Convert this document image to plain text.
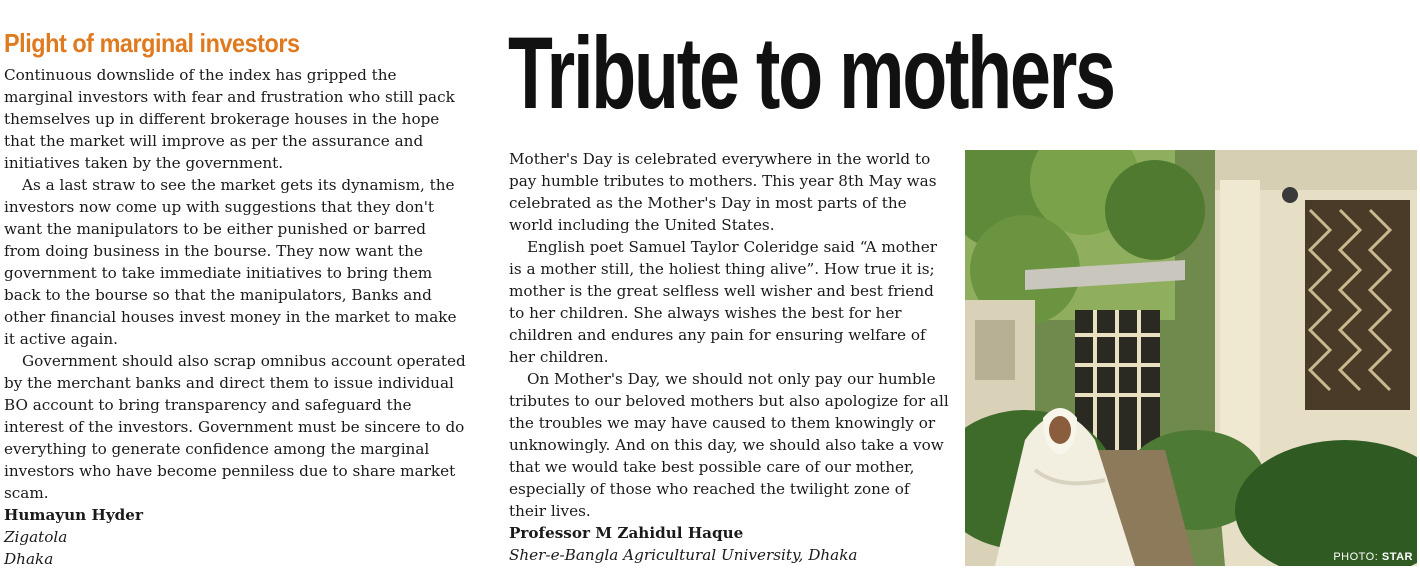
Plight of marginal investors

Continuous downslide of the index has gripped the marginal investors with fear and frustration who still pack themselves up in different brokerage houses in the hope that the market will improve as per the assurance and initiatives taken by the government.

As a last straw to see the market gets its dynamism, the investors now come up with suggestions that they don't want the manipulators to be either punished or barred from doing business in the bourse. They now want the government to take immediate initiatives to bring them back to the bourse so that the manipulators, Banks and other financial houses invest money in the market to make it active again.

Government should also scrap omnibus account operated by the merchant banks and direct them to issue individual BO account to bring transparency and safeguard the interest of the investors. Government must be sincere to do everything to generate confidence among the marginal investors who have become penniless due to share market scam.

Humayun Hyder

Zigatola

Dhaka

Tribute to mothers

Mother's Day is celebrated everywhere in the world to pay humble tributes to mothers. This year 8th May was celebrated as the Mother's Day in most parts of the world including the United States.

English poet Samuel Taylor Coleridge said “A mother is a mother still, the holiest thing alive”. How true it is; mother is the great selfless well wisher and best friend to her children. She always wishes the best for her children and endures any pain for ensuring welfare of her children.

On Mother's Day, we should not only pay our humble tributes to our beloved mothers but also apologize for all the troubles we may have caused to them knowingly or unknowingly. And on this day, we should also take a vow that we would take best possible care of our mother, especially of those who reached the twilight zone of their lives.

Professor M Zahidul Haque

Sher-e-Bangla Agricultural University, Dhaka	PHOTO: STAR
